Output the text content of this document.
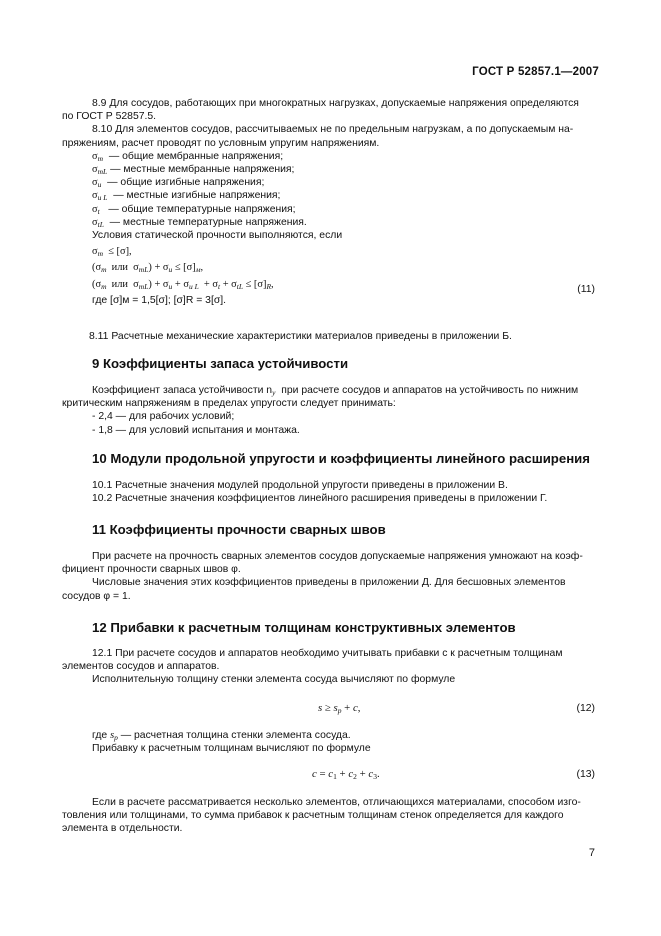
ГОСТ Р 52857.1—2007
8.9 Для сосудов, работающих при многократных нагрузках, допускаемые напряжения определяются
по ГОСТ Р 52857.5.
8.10 Для элементов сосудов, рассчитываемых не по предельным нагрузкам, а по допускаемым на-
пряжениям, расчет проводят по условным упругим напряжениям.
$\sigma_m$ — общие мембранные напряжения;
$\sigma_{mL}$ — местные мембранные напряжения;
$\sigma_и$ — общие изгибные напряжения;
$\sigma_{и L}$ — местные изгибные напряжения;
$\sigma_t$ — общие температурные напряжения;
$\sigma_{tL}$ — местные температурные напряжения.
Условия статической прочности выполняются, если
$\sigma_m \le [\sigma]$,
($\sigma_m$  или  $\sigma_{mL}) + \sigma_и \le [\sigma]_м$,
($\sigma_m$  или  $\sigma_{mL}) + \sigma_и + \sigma_{и L} + \sigma_t + \sigma_{tL} \le [\sigma]_R$,
где [σ]м = 1,5[σ]; [σ]R = 3[σ].
(11)
8.11 Расчетные механические характеристики материалов приведены в приложении Б.
9 Коэффициенты запаса устойчивости
Коэффициент запаса устойчивости $n_y$ при расчете сосудов и аппаратов на устойчивость по нижним
критическим напряжениям в пределах упругости следует принимать:
- 2,4 — для рабочих условий;
- 1,8 — для условий испытания и монтажа.
10 Модули продольной упругости и коэффициенты линейного расширения
10.1 Расчетные значения модулей продольной упругости приведены в приложении В.
10.2 Расчетные значения коэффициентов линейного расширения приведены в приложении Г.
11 Коэффициенты прочности сварных швов
При расчете на прочность сварных элементов сосудов допускаемые напряжения умножают на коэф-
фициент прочности сварных швов φ.
Числовые значения этих коэффициентов приведены в приложении Д. Для бесшовных элементов
сосудов φ = 1.
12 Прибавки к расчетным толщинам конструктивных элементов
12.1 При расчете сосудов и аппаратов необходимо учитывать прибавки c к расчетным толщинам
элементов сосудов и аппаратов.
Исполнительную толщину стенки элемента сосуда вычисляют по формуле
$s \ge s_p + c$,	(12)
где $s_p$ — расчетная толщина стенки элемента сосуда.
Прибавку к расчетным толщинам вычисляют по формуле
$c = c_1 + c_2 + c_3$.	(13)
Если в расчете рассматривается несколько элементов, отличающихся материалами, способом изго-
товления или толщинами, то сумма прибавок к расчетным толщинам стенок определяется для каждого
элемента в отдельности.
7
